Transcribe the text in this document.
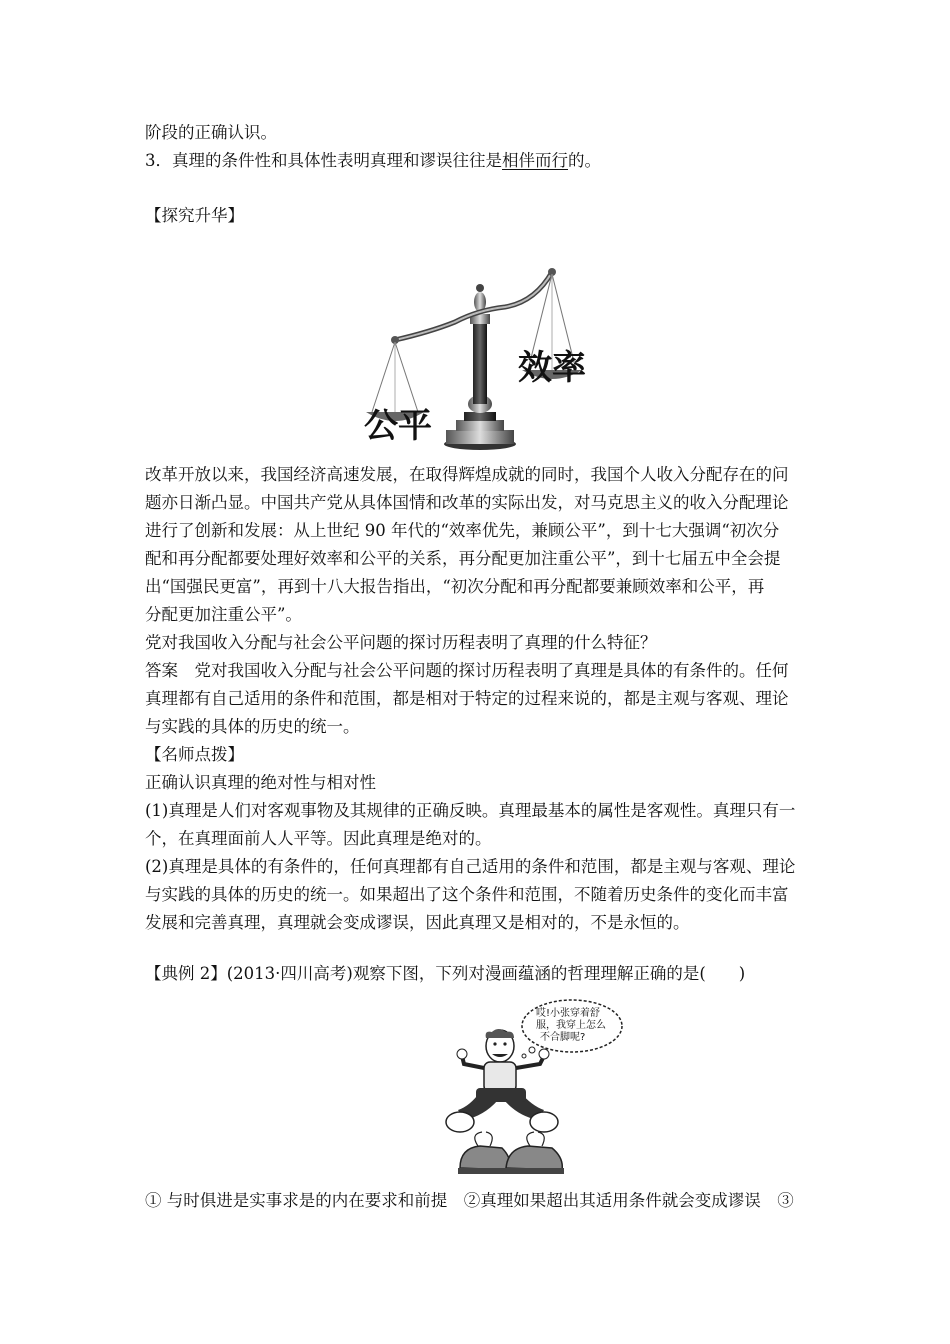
阶段的正确认识。
3．真理的条件性和具体性表明真理和谬误往往是相伴而行的。
【探究升华】
公平
效率
改革开放以来，我国经济高速发展，在取得辉煌成就的同时，我国个人收入分配存在的问
题亦日渐凸显。中国共产党从具体国情和改革的实际出发，对马克思主义的收入分配理论
进行了创新和发展：从上世纪 90 年代的“效率优先，兼顾公平”，到十七大强调“初次分
配和再分配都要处理好效率和公平的关系，再分配更加注重公平”，到十七届五中全会提
出“国强民更富”，再到十八大报告指出，“初次分配和再分配都要兼顾效率和公平，再
分配更加注重公平”。
党对我国收入分配与社会公平问题的探讨历程表明了真理的什么特征？
答案　党对我国收入分配与社会公平问题的探讨历程表明了真理是具体的有条件的。任何
真理都有自己适用的条件和范围，都是相对于特定的过程来说的，都是主观与客观、理论
与实践的具体的历史的统一。
【名师点拨】
正确认识真理的绝对性与相对性
(1)真理是人们对客观事物及其规律的正确反映。真理最基本的属性是客观性。真理只有一
个，在真理面前人人平等。因此真理是绝对的。
(2)真理是具体的有条件的，任何真理都有自己适用的条件和范围，都是主观与客观、理论
与实践的具体的历史的统一。如果超出了这个条件和范围，不随着历史条件的变化而丰富
发展和完善真理，真理就会变成谬误，因此真理又是相对的，不是永恒的。
【典例 2】(2013·四川高考)观察下图，下列对漫画蕴涵的哲理理解正确的是(　　)
哎!小张穿着舒
服，我穿上怎么
不合脚呢?
① 与时俱进是实事求是的内在要求和前提　②真理如果超出其适用条件就会变成谬误　③
